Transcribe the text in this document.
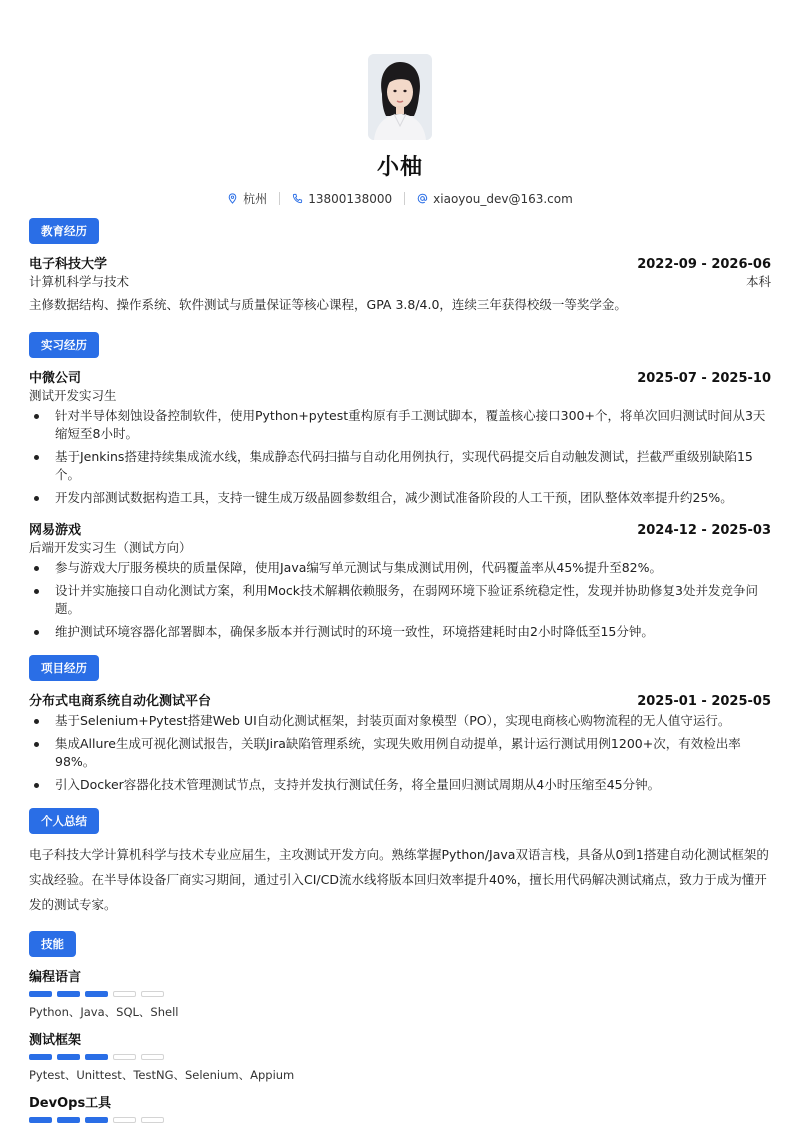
小柚
杭州	13800138000	xiaoyou_dev@163.com
教育经历
电子科技大学	2022-09 - 2026-06
计算机科学与技术	本科
主修数据结构、操作系统、软件测试与质量保证等核心课程，GPA 3.8/4.0，连续三年获得校级一等奖学金。
实习经历
中微公司	2025-07 - 2025-10
测试开发实习生
针对半导体刻蚀设备控制软件，使用Python+pytest重构原有手工测试脚本，覆盖核心接口300+个，将单次回归测试时间从3天缩短至8小时。
基于Jenkins搭建持续集成流水线，集成静态代码扫描与自动化用例执行，实现代码提交后自动触发测试，拦截严重级别缺陷15个。
开发内部测试数据构造工具，支持一键生成万级晶圆参数组合，减少测试准备阶段的人工干预，团队整体效率提升约25%。
网易游戏	2024-12 - 2025-03
后端开发实习生（测试方向）
参与游戏大厅服务模块的质量保障，使用Java编写单元测试与集成测试用例，代码覆盖率从45%提升至82%。
设计并实施接口自动化测试方案，利用Mock技术解耦依赖服务，在弱网环境下验证系统稳定性，发现并协助修复3处并发竞争问题。
维护测试环境容器化部署脚本，确保多版本并行测试时的环境一致性，环境搭建耗时由2小时降低至15分钟。
项目经历
分布式电商系统自动化测试平台	2025-01 - 2025-05
基于Selenium+Pytest搭建Web UI自动化测试框架，封装页面对象模型（PO），实现电商核心购物流程的无人值守运行。
集成Allure生成可视化测试报告，关联Jira缺陷管理系统，实现失败用例自动提单，累计运行测试用例1200+次，有效检出率98%。
引入Docker容器化技术管理测试节点，支持并发执行测试任务，将全量回归测试周期从4小时压缩至45分钟。
个人总结
电子科技大学计算机科学与技术专业应届生，主攻测试开发方向。熟练掌握Python/Java双语言栈，具备从0到1搭建自动化测试框架的实战经验。在半导体设备厂商实习期间，通过引入CI/CD流水线将版本回归效率提升40%，擅长用代码解决测试痛点，致力于成为懂开发的测试专家。
技能
编程语言
Python、Java、SQL、Shell
测试框架
Pytest、Unittest、TestNG、Selenium、Appium
DevOps工具
